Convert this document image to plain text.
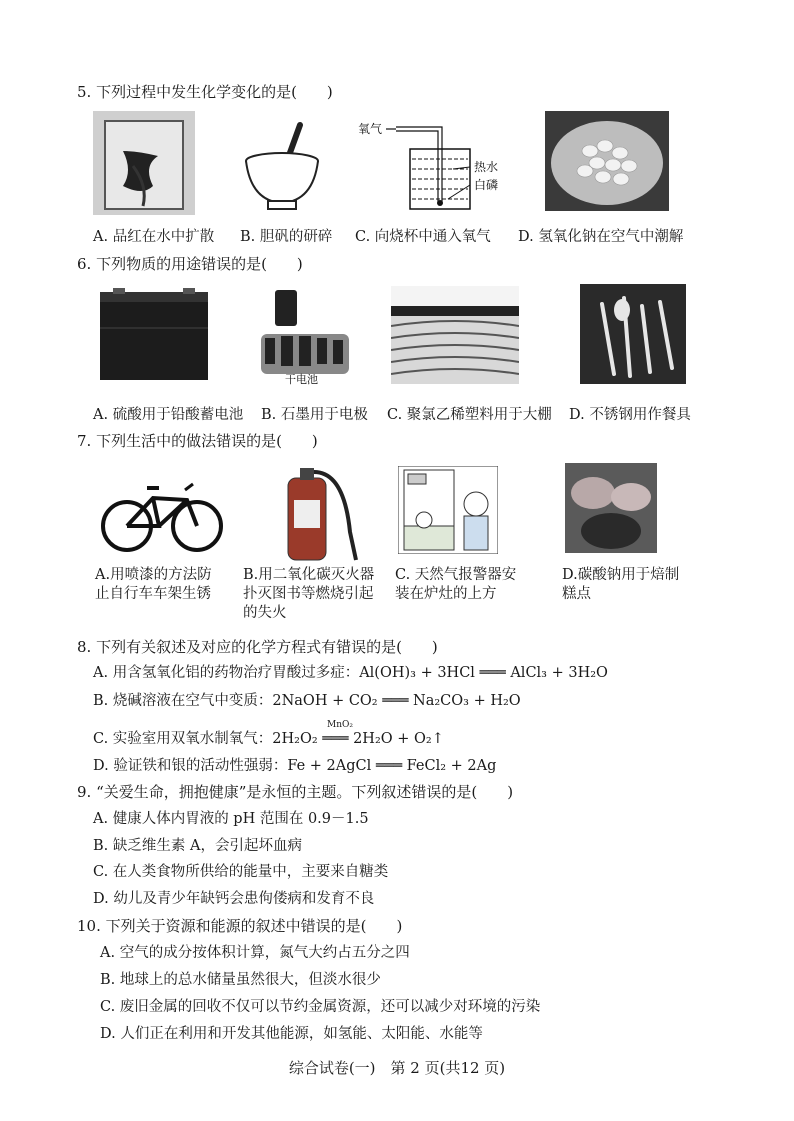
5. 下列过程中发生化学变化的是(　　)
氧气
热水
白磷
A. 品红在水中扩散 B. 胆矾的研碎 C. 向烧杯中通入氧气 D. 氢氧化钠在空气中潮解
6. 下列物质的用途错误的是(　　)
干电池
A. 硫酸用于铅酸蓄电池 B. 石墨用于电极 C. 聚氯乙稀塑料用于大棚 D. 不锈钢用作餐具
7. 下列生活中的做法错误的是(　　)
A.用喷漆的方法防止自行车车架生锈
B.用二氧化碳灭火器扑灭图书等燃烧引起的失火
C. 天然气报警器安装在炉灶的上方
D.碳酸钠用于焙制糕点
8. 下列有关叙述及对应的化学方程式有错误的是(　　)
A. 用含氢氧化铝的药物治疗胃酸过多症：Al(OH)₃ + 3HCl ═══ AlCl₃ + 3H₂O
B. 烧碱溶液在空气中变质：2NaOH + CO₂ ═══ Na₂CO₃ + H₂O
MnO₂
C. 实验室用双氧水制氧气：2H₂O₂ ═══ 2H₂O + O₂↑
D. 验证铁和银的活动性强弱：Fe + 2AgCl ═══ FeCl₂ + 2Ag
9. “关爱生命，拥抱健康”是永恒的主题。下列叙述错误的是(　　)
A. 健康人体内胃液的 pH 范围在 0.9－1.5
B. 缺乏维生素 A，会引起坏血病
C. 在人类食物所供给的能量中，主要来自糖类
D. 幼儿及青少年缺钙会患佝偻病和发育不良
10. 下列关于资源和能源的叙述中错误的是(　　)
A. 空气的成分按体积计算，氮气大约占五分之四
B. 地球上的总水储量虽然很大，但淡水很少
C. 废旧金属的回收不仅可以节约金属资源，还可以减少对环境的污染
D. 人们正在利用和开发其他能源，如氢能、太阳能、水能等
综合试卷(一)　第 2 页(共12 页)
